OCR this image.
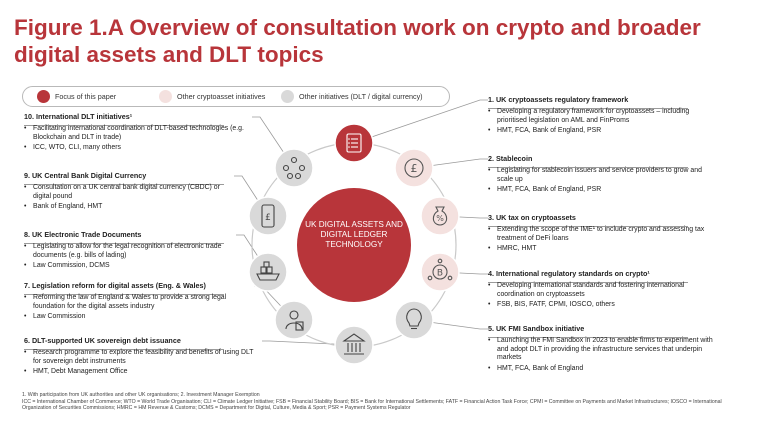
Figure 1.A Overview of consultation work on crypto and broader digital assets and DLT topics
Focus of this paper	Other cryptoasset initiatives	Other initiatives (DLT / digital currency)
10. International DLT initiatives¹
• Facilitating international coordination of DLT-based technologies (e.g. Blockchain and DLT in trade)
• ICC, WTO, CLI, many others
9. UK Central Bank Digital Currency
• Consultation on a UK central bank digital currency (CBDC) or digital pound
• Bank of England, HMT
8. UK Electronic Trade Documents
• Legislating to allow for the legal recognition of electronic trade documents (e.g. bills of lading)
• Law Commission, DCMS
7. Legislation reform for digital assets (Eng. & Wales)
• Reforming the law of England & Wales to provide a strong legal foundation for the digital assets industry
• Law Commission
6. DLT-supported UK sovereign debt issuance
• Research programme to explore the feasibility and benefits of using DLT for sovereign debt instruments
• HMT, Debt Management Office
1. UK cryptoassets regulatory framework
• Developing a regulatory framework for cryptoassets – including prioritised legislation on AML and FinProms
• HMT, FCA, Bank of England, PSR
2. Stablecoin
• Legislating for stablecoin issuers and service providers to grow and scale up
• HMT, FCA, Bank of England, PSR
3. UK tax on cryptoassets
• Extending the scope of the IME¹ to include crypto and assessing tax treatment of DeFi loans
• HMRC, HMT
4. International regulatory standards on crypto¹
• Developing international standards and fostering international coordination on cryptoassets
• FSB, BIS, FATF, CPMI, IOSCO, others
5. UK FMI Sandbox initiative
• Launching the FMI Sandbox in 2023 to enable firms to experiment with and adopt DLT in providing the infrastructure services that underpin markets
• HMT, FCA, Bank of England
£
%
B
£
UK DIGITAL ASSETS AND DIGITAL LEDGER TECHNOLOGY
1. With participation from UK authorities and other UK organisations; 2. Investment Manager Exemption
ICC = International Chamber of Commerce; WTO = World Trade Organisation; CLI = Climate Ledger Initiative; FSB = Financial Stability Board; BIS = Bank for International Settlements; FATF = Financial Action Task Force; CPMI = Committee on Payments and Market Infrastructures; IOSCO = International Organization of Securities Commissions; HMRC = HM Revenue & Customs; DCMS = Department for Digital, Culture, Media & Sport; PSR = Payment Systems Regulator
